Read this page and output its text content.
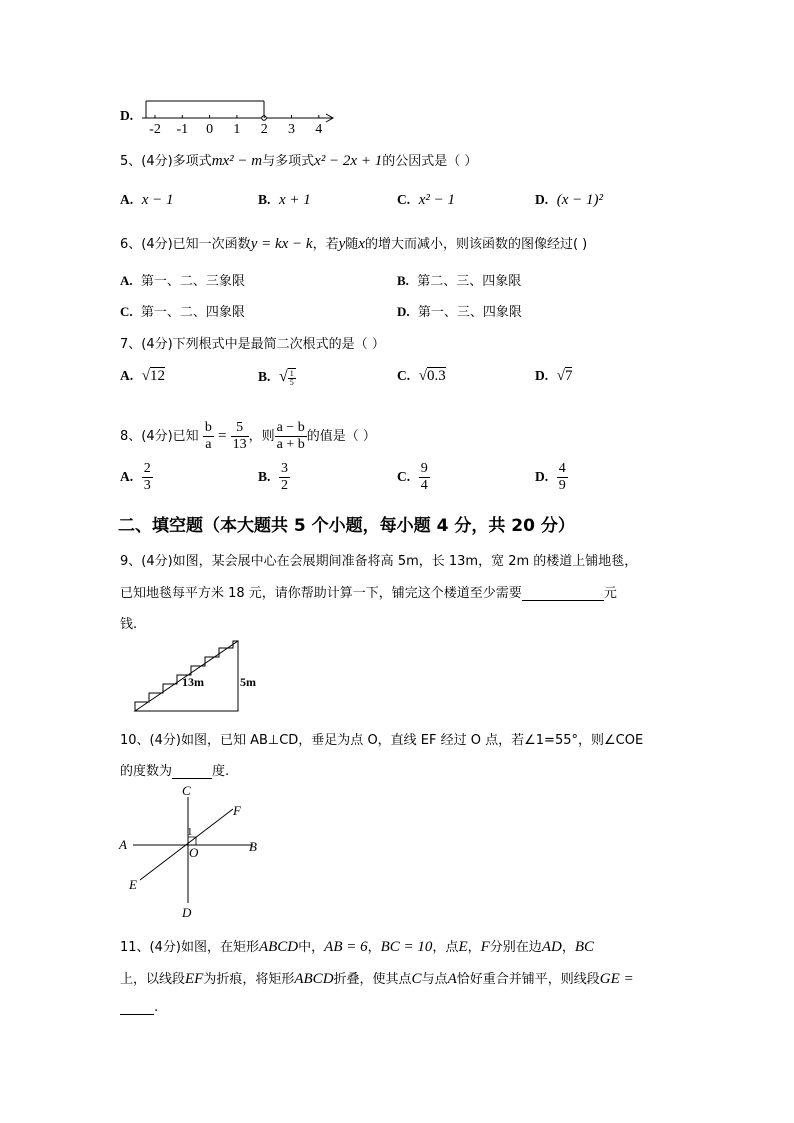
D.
-2 -1 0 1 2 3 4
5、(4分)多项式mx² − m与多项式x² − 2x + 1的公因式是（ ）
A. x − 1	B. x + 1	C. x² − 1	D. (x − 1)²
6、(4分)已知一次函数y = kx − k，若y随x的增大而减小，则该函数的图像经过( )
A. 第一、二、三象限	B. 第二、三、四象限
C. 第一、二、四象限	D. 第一、三、四象限
7、(4分)下列根式中是最简二次根式的是（ ）
A. √12	B. √ $\frac{1}{5}$	C. √0.3	D. √7
8、(4分)已知 $\frac{b}{a} = \frac{5}{13}$ ，则 $\frac{a - b}{a + b}$ 的值是（ ）
A. $\frac{2}{3}$	B. $\frac{3}{2}$	C. $\frac{9}{4}$	D. $\frac{4}{9}$
二、填空题（本大题共 5 个小题，每小题 4 分，共 20 分）
9、(4分)如图，某会展中心在会展期间准备将高 5m，长 13m，宽 2m 的楼道上铺地毯，
已知地毯每平方米 18 元，请你帮助计算一下，铺完这个楼道至少需要	元
钱.
13m	5m
10、(4分)如图，已知 AB⊥CD，垂足为点 O，直线 EF 经过 O 点，若∠1=55°，则∠COE
的度数为	度.
C
D
A	B
F
E
O
1
11、(4分)如图，在矩形ABCD中，AB = 6，BC = 10，点E，F分别在边AD，BC
上，以线段EF为折痕，将矩形ABCD折叠，使其点C与点A恰好重合并铺平，则线段GE =
.
